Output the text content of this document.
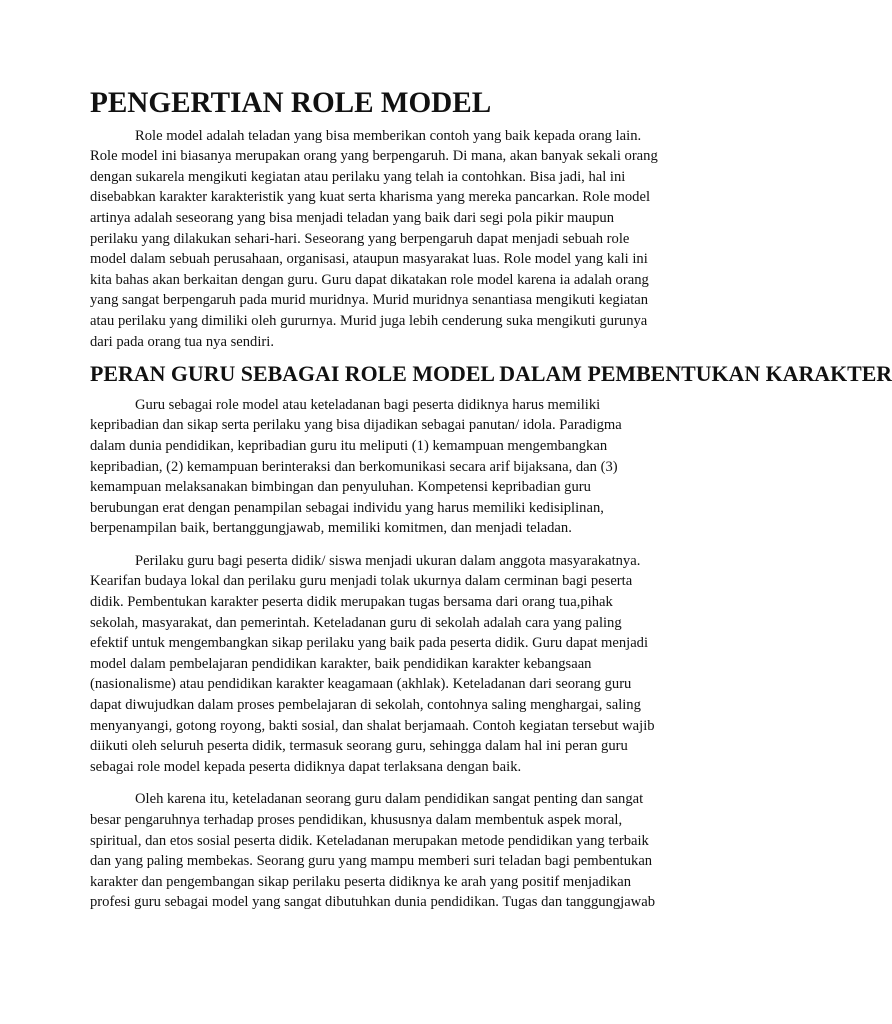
PENGERTIAN ROLE MODEL

Role model adalah teladan yang bisa memberikan contoh yang baik kepada orang lain.
Role model ini biasanya merupakan orang yang berpengaruh. Di mana, akan banyak sekali orang
dengan sukarela mengikuti kegiatan atau perilaku yang telah ia contohkan. Bisa jadi, hal ini
disebabkan karakter karakteristik yang kuat serta kharisma yang mereka pancarkan. Role model
artinya adalah seseorang yang bisa menjadi teladan yang baik dari segi pola pikir maupun
perilaku yang dilakukan sehari-hari. Seseorang yang berpengaruh dapat menjadi sebuah role
model dalam sebuah perusahaan, organisasi, ataupun masyarakat luas. Role model yang kali ini
kita bahas akan berkaitan dengan guru. Guru dapat dikatakan role model karena ia adalah orang
yang sangat berpengaruh pada murid muridnya. Murid muridnya senantiasa mengikuti kegiatan
atau perilaku yang dimiliki oleh gururnya. Murid juga lebih cenderung suka mengikuti gurunya
dari pada orang tua nya sendiri.

PERAN GURU SEBAGAI ROLE MODEL DALAM PEMBENTUKAN KARAKTER

Guru sebagai role model atau keteladanan bagi peserta didiknya harus memiliki
kepribadian dan sikap serta perilaku yang bisa dijadikan sebagai panutan/ idola. Paradigma
dalam dunia pendidikan, kepribadian guru itu meliputi (1) kemampuan mengembangkan
kepribadian, (2) kemampuan berinteraksi dan berkomunikasi secara arif bijaksana, dan (3)
kemampuan melaksanakan bimbingan dan penyuluhan. Kompetensi kepribadian guru
berubungan erat dengan penampilan sebagai individu yang harus memiliki kedisiplinan,
berpenampilan baik, bertanggungjawab, memiliki komitmen, dan menjadi teladan.

Perilaku guru bagi peserta didik/ siswa menjadi ukuran dalam anggota masyarakatnya.
Kearifan budaya lokal dan perilaku guru menjadi tolak ukurnya dalam cerminan bagi peserta
didik. Pembentukan karakter peserta didik merupakan tugas bersama dari orang tua,pihak
sekolah, masyarakat, dan pemerintah. Keteladanan guru di sekolah adalah cara yang paling
efektif untuk mengembangkan sikap perilaku yang baik pada peserta didik. Guru dapat menjadi
model dalam pembelajaran pendidikan karakter, baik pendidikan karakter kebangsaan
(nasionalisme) atau pendidikan karakter keagamaan (akhlak). Keteladanan dari seorang guru
dapat diwujudkan dalam proses pembelajaran di sekolah, contohnya saling menghargai, saling
menyanyangi, gotong royong, bakti sosial, dan shalat berjamaah. Contoh kegiatan tersebut wajib
diikuti oleh seluruh peserta didik, termasuk seorang guru, sehingga dalam hal ini peran guru
sebagai role model kepada peserta didiknya dapat terlaksana dengan baik.

Oleh karena itu, keteladanan seorang guru dalam pendidikan sangat penting dan sangat
besar pengaruhnya terhadap proses pendidikan, khususnya dalam membentuk aspek moral,
spiritual, dan etos sosial peserta didik. Keteladanan merupakan metode pendidikan yang terbaik
dan yang paling membekas. Seorang guru yang mampu memberi suri teladan bagi pembentukan
karakter dan pengembangan sikap perilaku peserta didiknya ke arah yang positif menjadikan
profesi guru sebagai model yang sangat dibutuhkan dunia pendidikan. Tugas dan tanggungjawab
